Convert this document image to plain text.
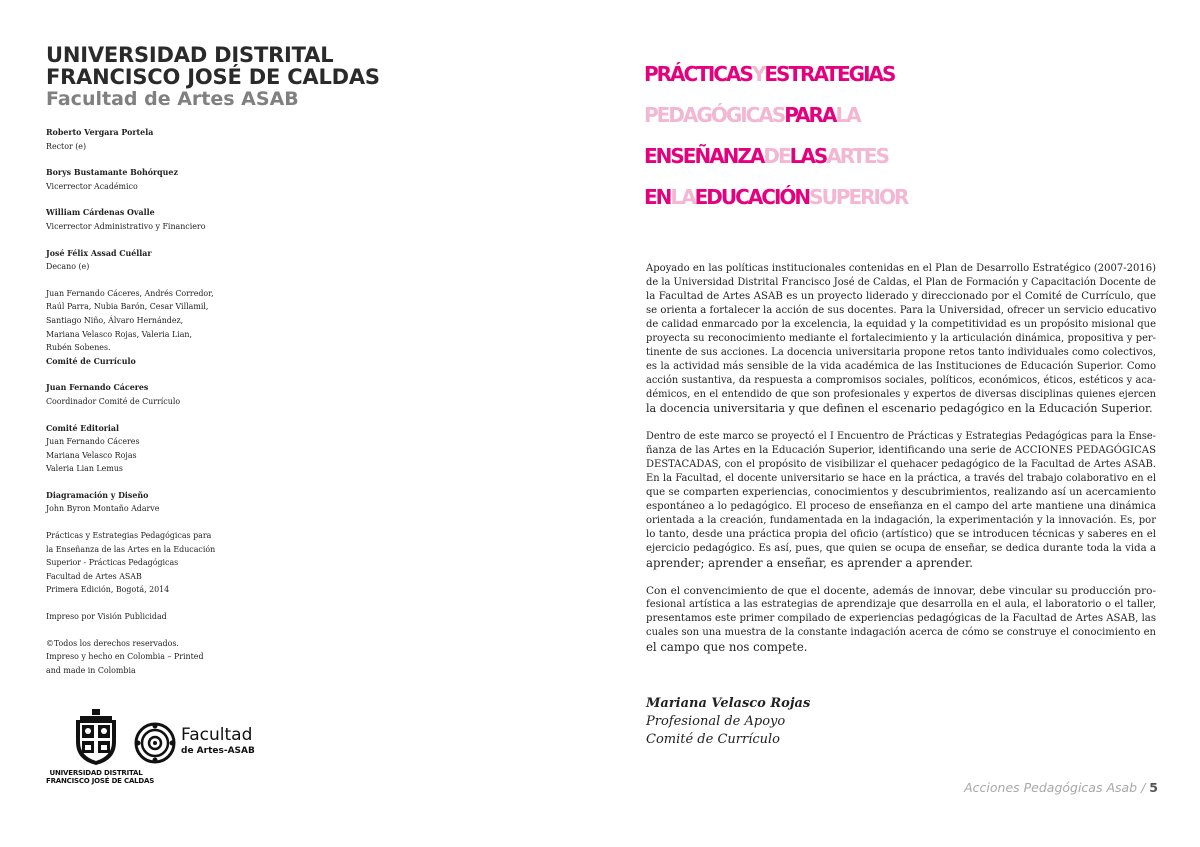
UNIVERSIDAD DISTRITAL
FRANCISCO JOSÉ DE CALDAS
Facultad de Artes ASAB
Roberto Vergara Portela
Rector (e)
Borys Bustamante Bohórquez
Vicerrector Académico
William Cárdenas Ovalle
Vicerrector Administrativo y Financiero
José Félix Assad Cuéllar
Decano (e)
Juan Fernando Cáceres, Andrés Corredor,
Raúl Parra, Nubia Barón, Cesar Villamil,
Santiago Niño, Álvaro Hernández,
Mariana Velasco Rojas, Valeria Lian,
Rubén Sobenes.
Comité de Currículo
Juan Fernando Cáceres
Coordinador Comité de Currículo
Comité Editorial
Juan Fernando Cáceres
Mariana Velasco Rojas
Valeria Lian Lemus
Diagramación y Diseño
John Byron Montaño Adarve
Prácticas y Estrategias Pedagógicas para
la Enseñanza de las Artes en la Educación
Superior - Prácticas Pedagógicas
Facultad de Artes ASAB
Primera Edición, Bogotá, 2014
Impreso por Visión Publicidad
©Todos los derechos reservados.
Impreso y hecho en Colombia – Printed
and made in Colombia
UNIVERSIDAD DISTRITAL
FRANCISCO JOSÉ DE CALDAS
Facultad
de Artes-ASAB
PRÁCTICASYESTRATEGIAS
PEDAGÓGICASPARALA
ENSEÑANZADELASARTES
ENLAEDUCACIÓNSUPERIOR
Apoyado en las políticas institucionales contenidas en el Plan de Desarrollo Estratégico (2007-2016)
de la Universidad Distrital Francisco José de Caldas, el Plan de Formación y Capacitación Docente de
la Facultad de Artes ASAB es un proyecto liderado y direccionado por el Comité de Currículo, que
se orienta a fortalecer la acción de sus docentes. Para la Universidad, ofrecer un servicio educativo
de calidad enmarcado por la excelencia, la equidad y la competitividad es un propósito misional que
proyecta su reconocimiento mediante el fortalecimiento y la articulación dinámica, propositiva y per-
tinente de sus acciones. La docencia universitaria propone retos tanto individuales como colectivos,
es la actividad más sensible de la vida académica de las Instituciones de Educación Superior. Como
acción sustantiva, da respuesta a compromisos sociales, políticos, económicos, éticos, estéticos y aca-
démicos, en el entendido de que son profesionales y expertos de diversas disciplinas quienes ejercen
la docencia universitaria y que definen el escenario pedagógico en la Educación Superior.
Dentro de este marco se proyectó el I Encuentro de Prácticas y Estrategias Pedagógicas para la Ense-
ñanza de las Artes en la Educación Superior, identificando una serie de ACCIONES PEDAGÓGICAS
DESTACADAS, con el propósito de visibilizar el quehacer pedagógico de la Facultad de Artes ASAB.
En la Facultad, el docente universitario se hace en la práctica, a través del trabajo colaborativo en el
que se comparten experiencias, conocimientos y descubrimientos, realizando así un acercamiento
espontáneo a lo pedagógico. El proceso de enseñanza en el campo del arte mantiene una dinámica
orientada a la creación, fundamentada en la indagación, la experimentación y la innovación. Es, por
lo tanto, desde una práctica propia del oficio (artístico) que se introducen técnicas y saberes en el
ejercicio pedagógico. Es así, pues, que quien se ocupa de enseñar, se dedica durante toda la vida a
aprender; aprender a enseñar, es aprender a aprender.
Con el convencimiento de que el docente, además de innovar, debe vincular su producción pro-
fesional artística a las estrategias de aprendizaje que desarrolla en el aula, el laboratorio o el taller,
presentamos este primer compilado de experiencias pedagógicas de la Facultad de Artes ASAB, las
cuales son una muestra de la constante indagación acerca de cómo se construye el conocimiento en
el campo que nos compete.
Mariana Velasco Rojas
Profesional de Apoyo
Comité de Currículo
Acciones Pedagógicas Asab / 5
